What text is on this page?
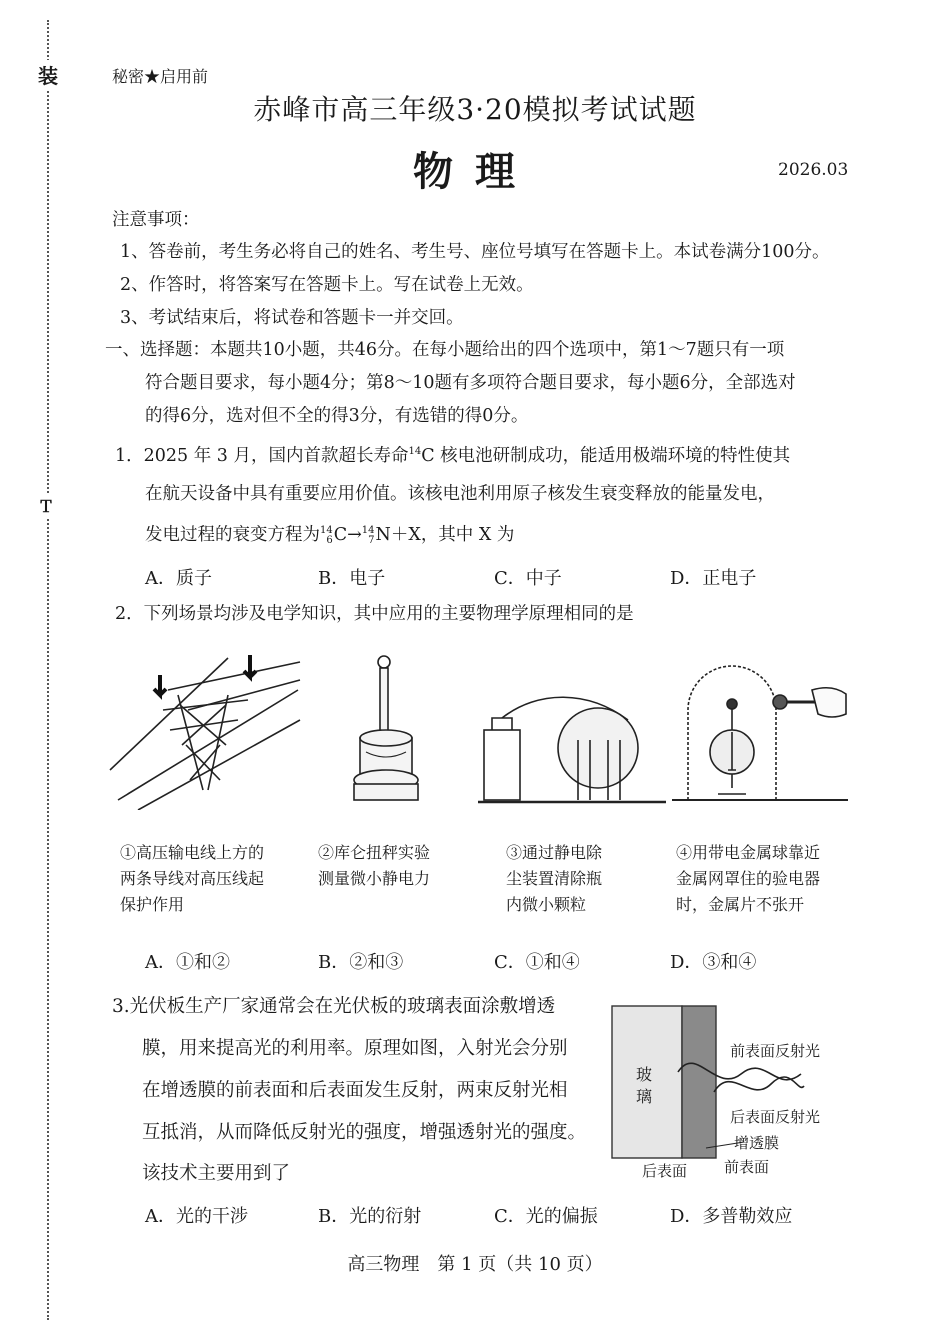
装
Ｔ
秘密★启用前
赤峰市高三年级3·20模拟考试试题
物理	2026.03
注意事项：
1、答卷前，考生务必将自己的姓名、考生号、座位号填写在答题卡上。本试卷满分100分。
2、作答时，将答案写在答题卡上。写在试卷上无效。
3、考试结束后，将试卷和答题卡一并交回。
一、选择题：本题共10小题，共46分。在每小题给出的四个选项中，第1～7题只有一项
符合题目要求，每小题4分；第8～10题有多项符合题目要求，每小题6分，全部选对
的得6分，选对但不全的得3分，有选错的得0分。
1．2025 年 3 月，国内首款超长寿命$^{14}$C 核电池研制成功，能适用极端环境的特性使其
在航天设备中具有重要应用价值。该核电池利用原子核发生衰变释放的能量发电，
发电过程的衰变方程为 14
6 C→ 14
7 N＋X，其中 X 为
A．质子	B．电子	C．中子	D．正电子
2．下列场景均涉及电学知识，其中应用的主要物理学原理相同的是
①高压输电线上方的
两条导线对高压线起
保护作用
②库仑扭秤实验
测量微小静电力
③通过静电除
尘装置清除瓶
内微小颗粒
④用带电金属球靠近
金属网罩住的验电器
时，金属片不张开
A．①和②	B．②和③	C．①和④	D．③和④
3.光伏板生产厂家通常会在光伏板的玻璃表面涂敷增透
膜，用来提高光的利用率。原理如图，入射光会分别
在增透膜的前表面和后表面发生反射，两束反射光相
互抵消，从而降低反射光的强度，增强透射光的强度。
该技术主要用到了
玻
璃
前表面反射光
后表面反射光
增透膜
后表面 前表面
A．光的干涉	B．光的衍射	C．光的偏振	D．多普勒效应
高三物理　第 1 页（共 10 页）
